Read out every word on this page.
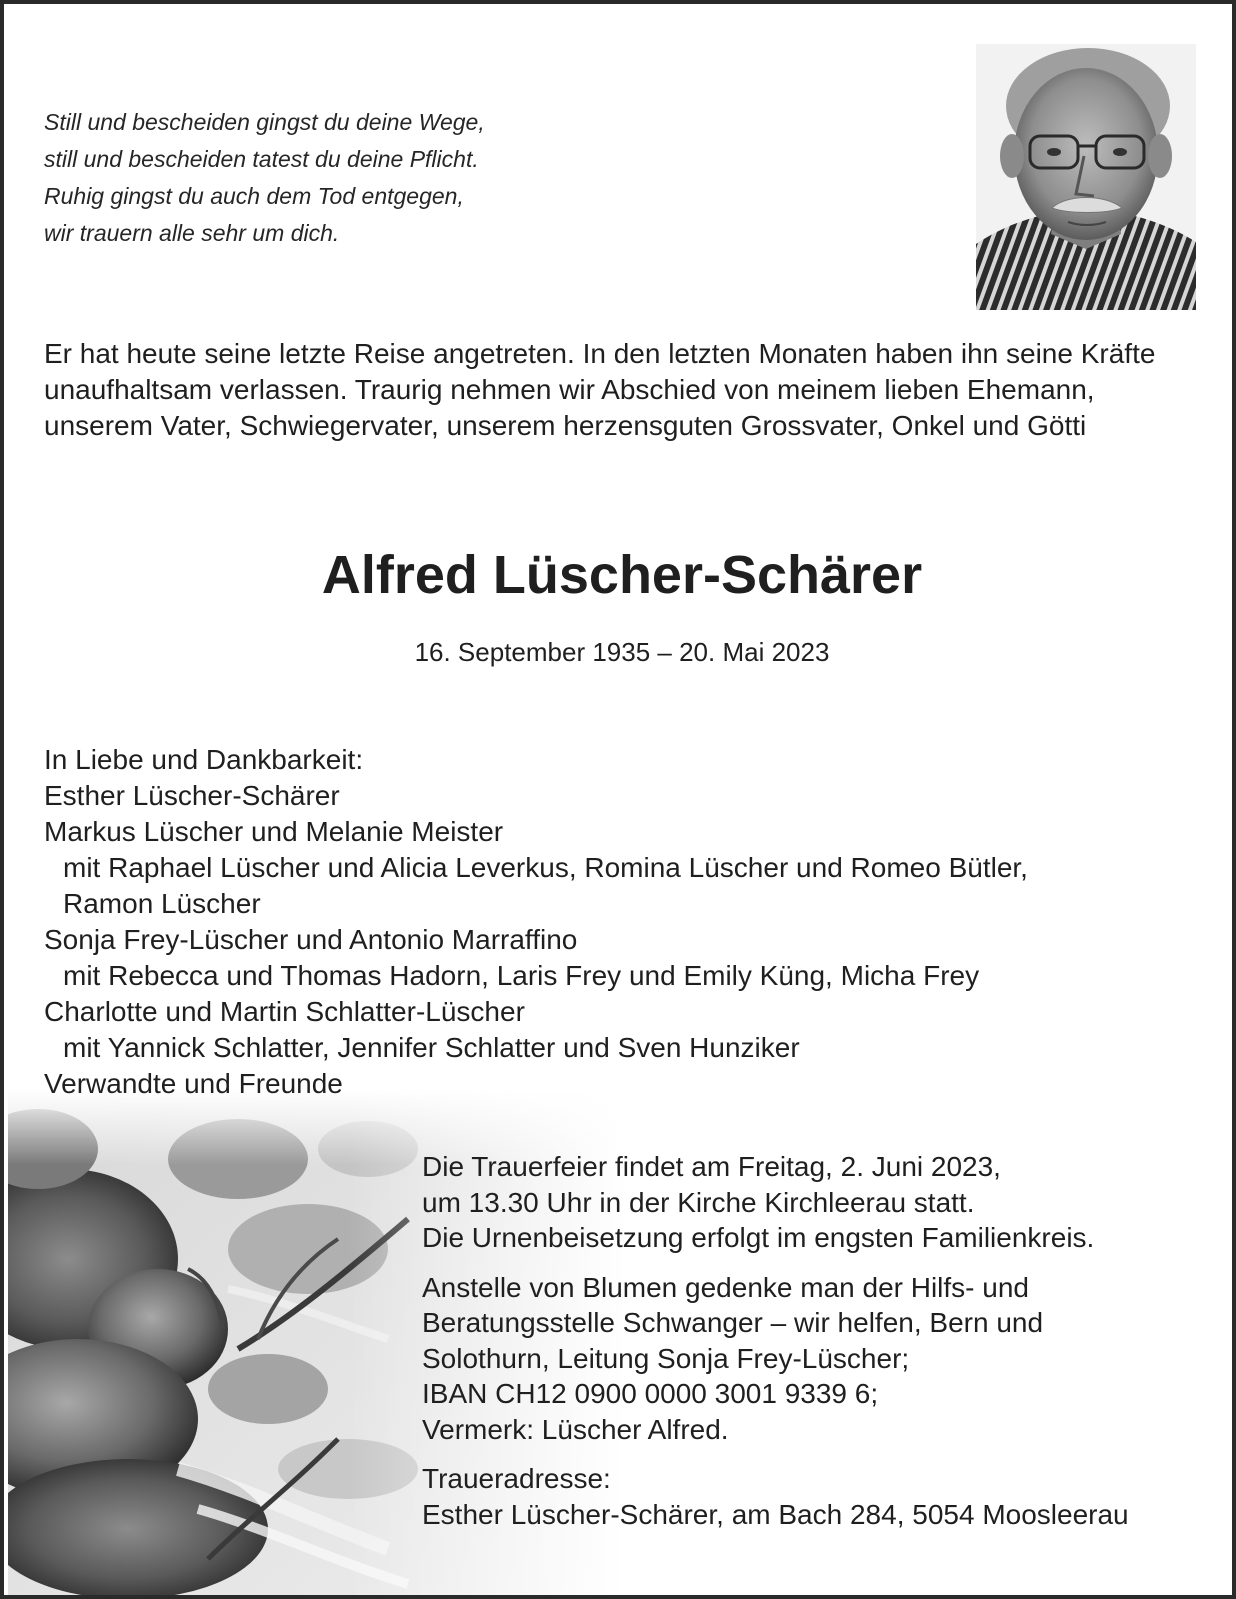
Still und bescheiden gingst du deine Wege,
still und bescheiden tatest du deine Pflicht.
Ruhig gingst du auch dem Tod entgegen,
wir trauern alle sehr um dich.

Er hat heute seine letzte Reise angetreten. In den letzten Monaten haben ihn seine Kräfte unaufhaltsam verlassen. Traurig nehmen wir Abschied von meinem lieben Ehemann, unserem Vater, Schwiegervater, unserem herzensguten Grossvater, Onkel und Götti

Alfred Lüscher-Schärer

16. September 1935 – 20. Mai 2023

In Liebe und Dankbarkeit:
Esther Lüscher-Schärer
Markus Lüscher und Melanie Meister
mit Raphael Lüscher und Alicia Leverkus, Romina Lüscher und Romeo Bütler,
Ramon Lüscher
Sonja Frey-Lüscher und Antonio Marraffino
mit Rebecca und Thomas Hadorn, Laris Frey und Emily Küng, Micha Frey
Charlotte und Martin Schlatter-Lüscher
mit Yannick Schlatter, Jennifer Schlatter und Sven Hunziker
Verwandte und Freunde

Die Trauerfeier findet am Freitag, 2. Juni 2023,
um 13.30 Uhr in der Kirche Kirchleerau statt.
Die Urnenbeisetzung erfolgt im engsten Familienkreis.

Anstelle von Blumen gedenke man der Hilfs- und
Beratungsstelle Schwanger – wir helfen, Bern und
Solothurn, Leitung Sonja Frey-Lüscher;
IBAN CH12 0900 0000 3001 9339 6;
Vermerk: Lüscher Alfred.
Traueradresse:
Esther Lüscher-Schärer, am Bach 284, 5054 Moosleerau
